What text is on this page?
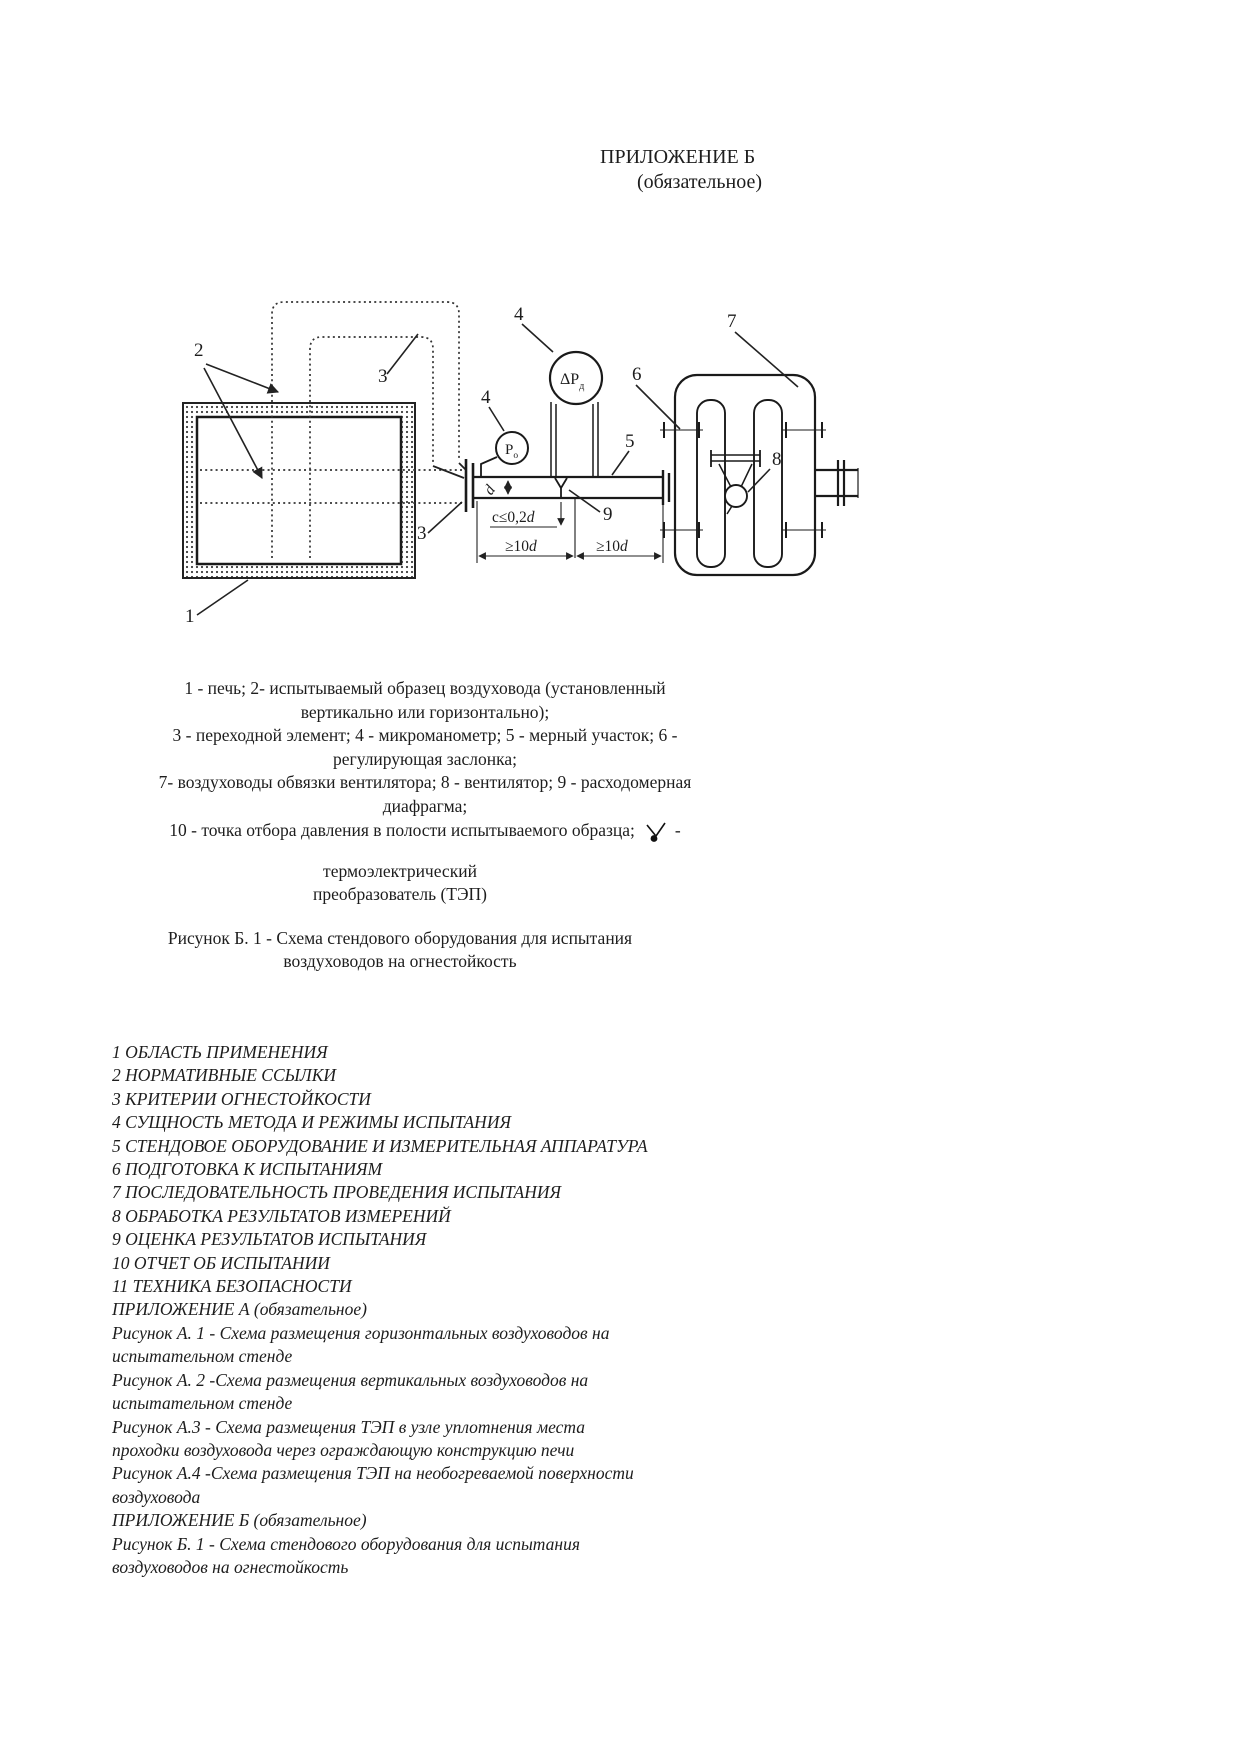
ПРИЛОЖЕНИЕ Б
(обязательное)
d
c≤0,2d
≥10d	≥10d
$P_о$
$\Delta P_д$
1
2
3
3
4
4
5
6
7
8
9
1 - печь; 2- испытываемый образец воздуховода (установленный
вертикально или горизонтально);
3 - переходной элемент; 4 - микроманометр; 5 - мерный участок; 6 -
регулирующая заслонка;
7- воздуховоды обвязки вентилятора; 8 - вентилятор; 9 - расходомерная
диафрагма;
10 - точка отбора давления в полости испытываемого образца; -
термоэлектрический
преобразователь (ТЭП)
Рисунок Б. 1 - Схема стендового оборудования для испытания
воздуховодов на огнестойкость
1 ОБЛАСТЬ ПРИМЕНЕНИЯ
2 НОРМАТИВНЫЕ ССЫЛКИ
3 КРИТЕРИИ ОГНЕСТОЙКОСТИ
4 СУЩНОСТЬ МЕТОДА И РЕЖИМЫ ИСПЫТАНИЯ
5 СТЕНДОВОЕ ОБОРУДОВАНИЕ И ИЗМЕРИТЕЛЬНАЯ АППАРАТУРА
6 ПОДГОТОВКА К ИСПЫТАНИЯМ
7 ПОСЛЕДОВАТЕЛЬНОСТЬ ПРОВЕДЕНИЯ ИСПЫТАНИЯ
8 ОБРАБОТКА РЕЗУЛЬТАТОВ ИЗМЕРЕНИЙ
9 ОЦЕНКА РЕЗУЛЬТАТОВ ИСПЫТАНИЯ
10 ОТЧЕТ ОБ ИСПЫТАНИИ
11 ТЕХНИКА БЕЗОПАСНОСТИ
ПРИЛОЖЕНИЕ А (обязательное)
Рисунок А. 1 - Схема размещения горизонтальных воздуховодов на
испытательном стенде
Рисунок А. 2 -Схема размещения вертикальных воздуховодов на
испытательном стенде
Рисунок А.3 - Схема размещения ТЭП в узле уплотнения места
проходки воздуховода через ограждающую конструкцию печи
Рисунок А.4 -Схема размещения ТЭП на необогреваемой поверхности
воздуховода
ПРИЛОЖЕНИЕ Б (обязательное)
Рисунок Б. 1 - Схема стендового оборудования для испытания
воздуховодов на огнестойкость
